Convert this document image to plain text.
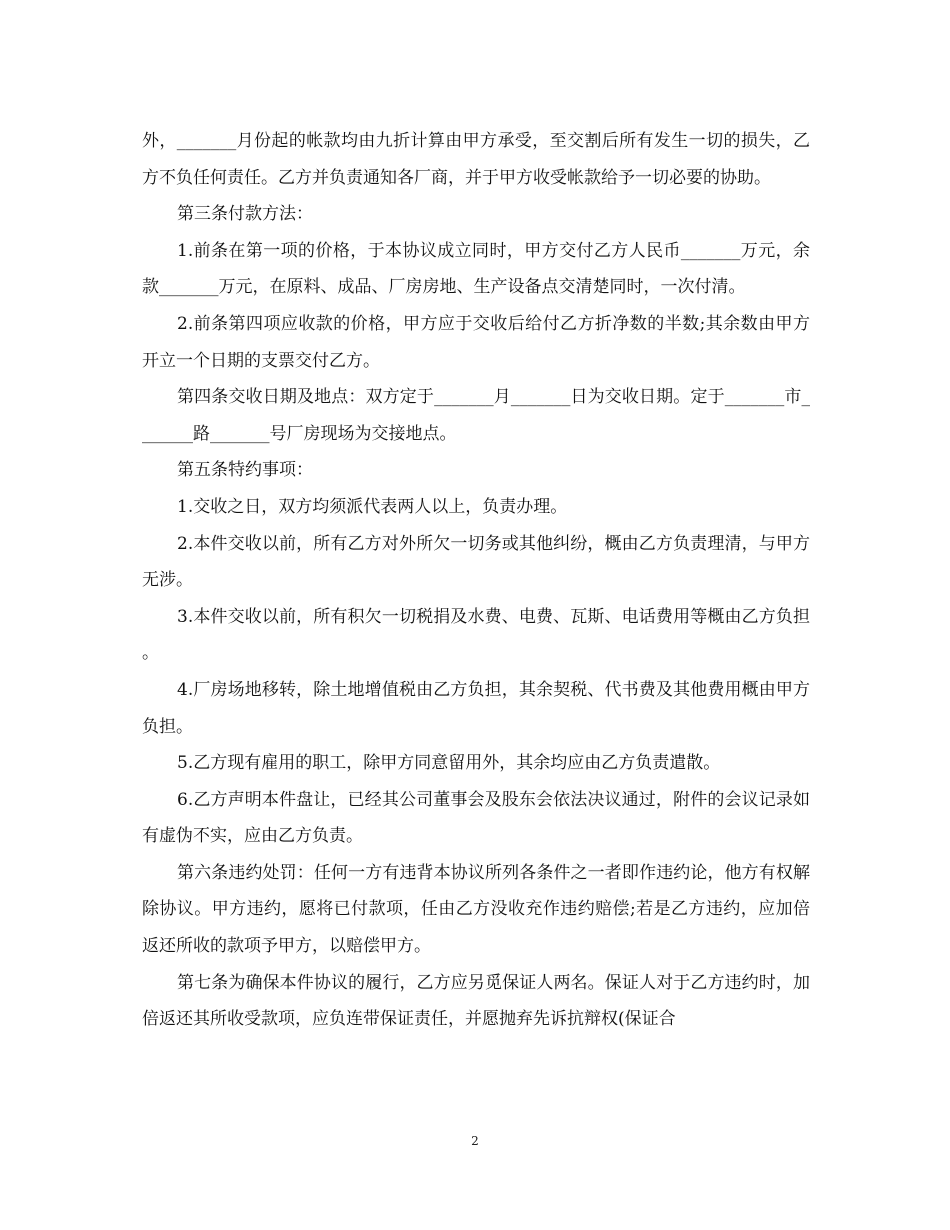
外，_______月份起的帐款均由九折计算由甲方承受，至交割后所有发生一切的损失，乙方不负任何责任。乙方并负责通知各厂商，并于甲方收受帐款给予一切必要的协助。

第三条付款方法：

1.前条在第一项的价格，于本协议成立同时，甲方交付乙方人民币_______万元，余款_______万元，在原料、成品、厂房房地、生产设备点交清楚同时，一次付清。

2.前条第四项应收款的价格，甲方应于交收后给付乙方折净数的半数;其余数由甲方开立一个日期的支票交付乙方。

第四条交收日期及地点：双方定于_______月_______日为交收日期。定于_______市_______路_______号厂房现场为交接地点。

第五条特约事项：

1.交收之日，双方均须派代表两人以上，负责办理。

2.本件交收以前，所有乙方对外所欠一切务或其他纠纷，概由乙方负责理清，与甲方无涉。

3.本件交收以前，所有积欠一切税捐及水费、电费、瓦斯、电话费用等概由乙方负担。

4.厂房场地移转，除土地增值税由乙方负担，其余契税、代书费及其他费用概由甲方负担。

5.乙方现有雇用的职工，除甲方同意留用外，其余均应由乙方负责遣散。

6.乙方声明本件盘让，已经其公司董事会及股东会依法决议通过，附件的会议记录如有虚伪不实，应由乙方负责。

第六条违约处罚：任何一方有违背本协议所列各条件之一者即作违约论，他方有权解除协议。甲方违约，愿将已付款项，任由乙方没收充作违约赔偿;若是乙方违约，应加倍返还所收的款项予甲方，以赔偿甲方。

第七条为确保本件协议的履行，乙方应另觅保证人两名。保证人对于乙方违约时，加倍返还其所收受款项，应负连带保证责任，并愿抛弃先诉抗辩权(保证合

2
